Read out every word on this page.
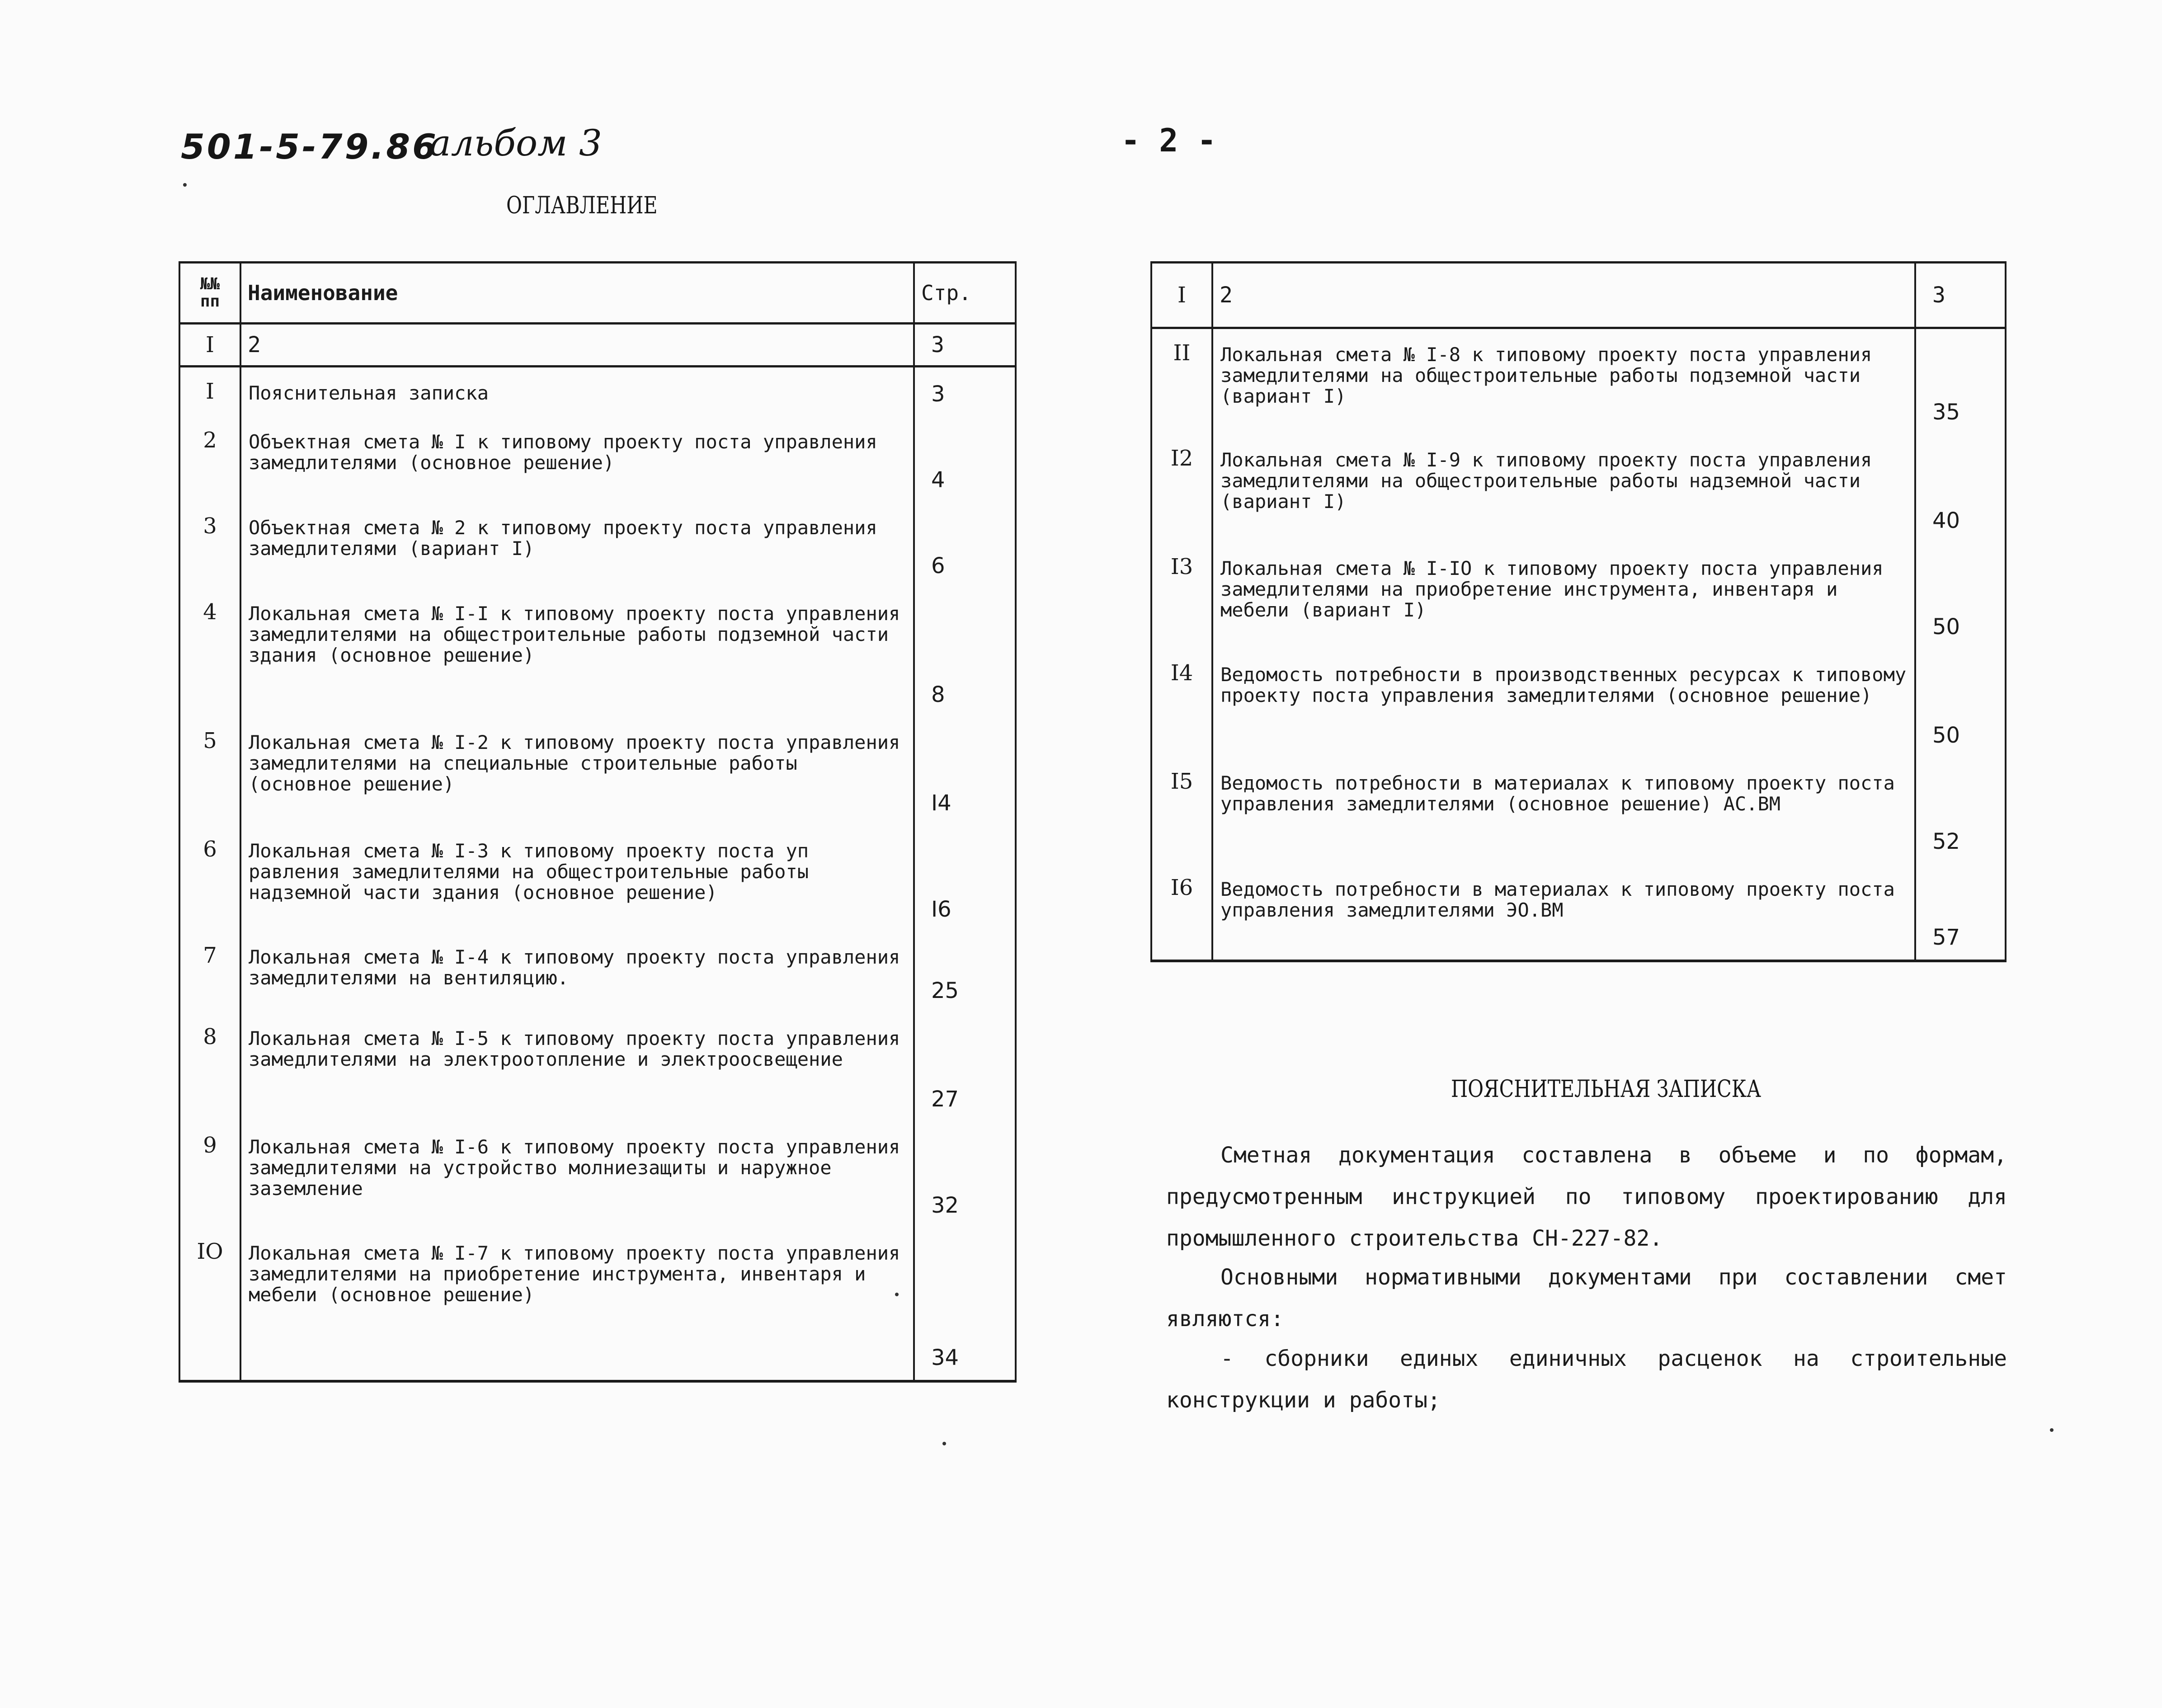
501-5-79.86
альбом 3	- 2 -
ОГЛАВЛЕНИЕ
№№ пп	Наименование	Стр.
I	2	3
I	Пояснительная записка	3
2	Объектная смета № I к типовому проекту поста управления замедлителями (основное решение)	4
3	Объектная смета № 2 к типовому проекту поста управления замедлителями (вариант I)	6
4	Локальная смета № I-I к типовому проекту поста управления замедлителями на общестроительные работы подземной части здания (основное решение)	8
5	Локальная смета № I-2 к типовому проекту поста управления замедлителями на специальные строительные работы (основное решение)	I4
6	Локальная смета № I-3 к типовому проекту поста уп равления замедлителями на общестроительные работы надземной части здания (основное решение)	I6
7	Локальная смета № I-4 к типовому проекту поста управления замедлителями на вентиляцию.	25
8	Локальная смета № I-5 к типовому проекту поста управления замедлителями на электроотопление и электроосвещение	27
9	Локальная смета № I-6 к типовому проекту поста управления замедлителями на устройство молниезащиты и наружное заземление	32
IO	Локальная смета № I-7 к типовому проекту поста управления замедлителями на приобретение инструмента, инвентаря и мебели (основное решение)	34
I	2	3
II	Локальная смета № I-8 к типовому проекту поста управления замедлителями на общестроительные работы подземной части (вариант I)	35
I2	Локальная смета № I-9 к типовому проекту поста управления замедлителями на общестроительные работы надземной части (вариант I)	40
I3	Локальная смета № I-IO к типовому проекту поста управления замедлителями на приобретение инструмента, инвентаря и мебели (вариант I)	50
I4	Ведомость потребности в производственных ресурсах к типовому проекту поста управления замедлителями (основное решение)	50
I5	Ведомость потребности в материалах к типовому проекту поста управления замедлителями (основное решение) АС.ВМ	52
I6	Ведомость потребности в материалах к типовому проекту поста управления замедлителями ЭО.ВМ	57
ПОЯСНИТЕЛЬНАЯ ЗАПИСКА
Сметная документация составлена в объеме и по формам, предусмотренным инструкцией по типовому проектированию для промышленного строительства СН-227-82.
Основными нормативными документами при составлении смет являются:
- сборники единых единичных расценок на строительные конструкции и работы;
